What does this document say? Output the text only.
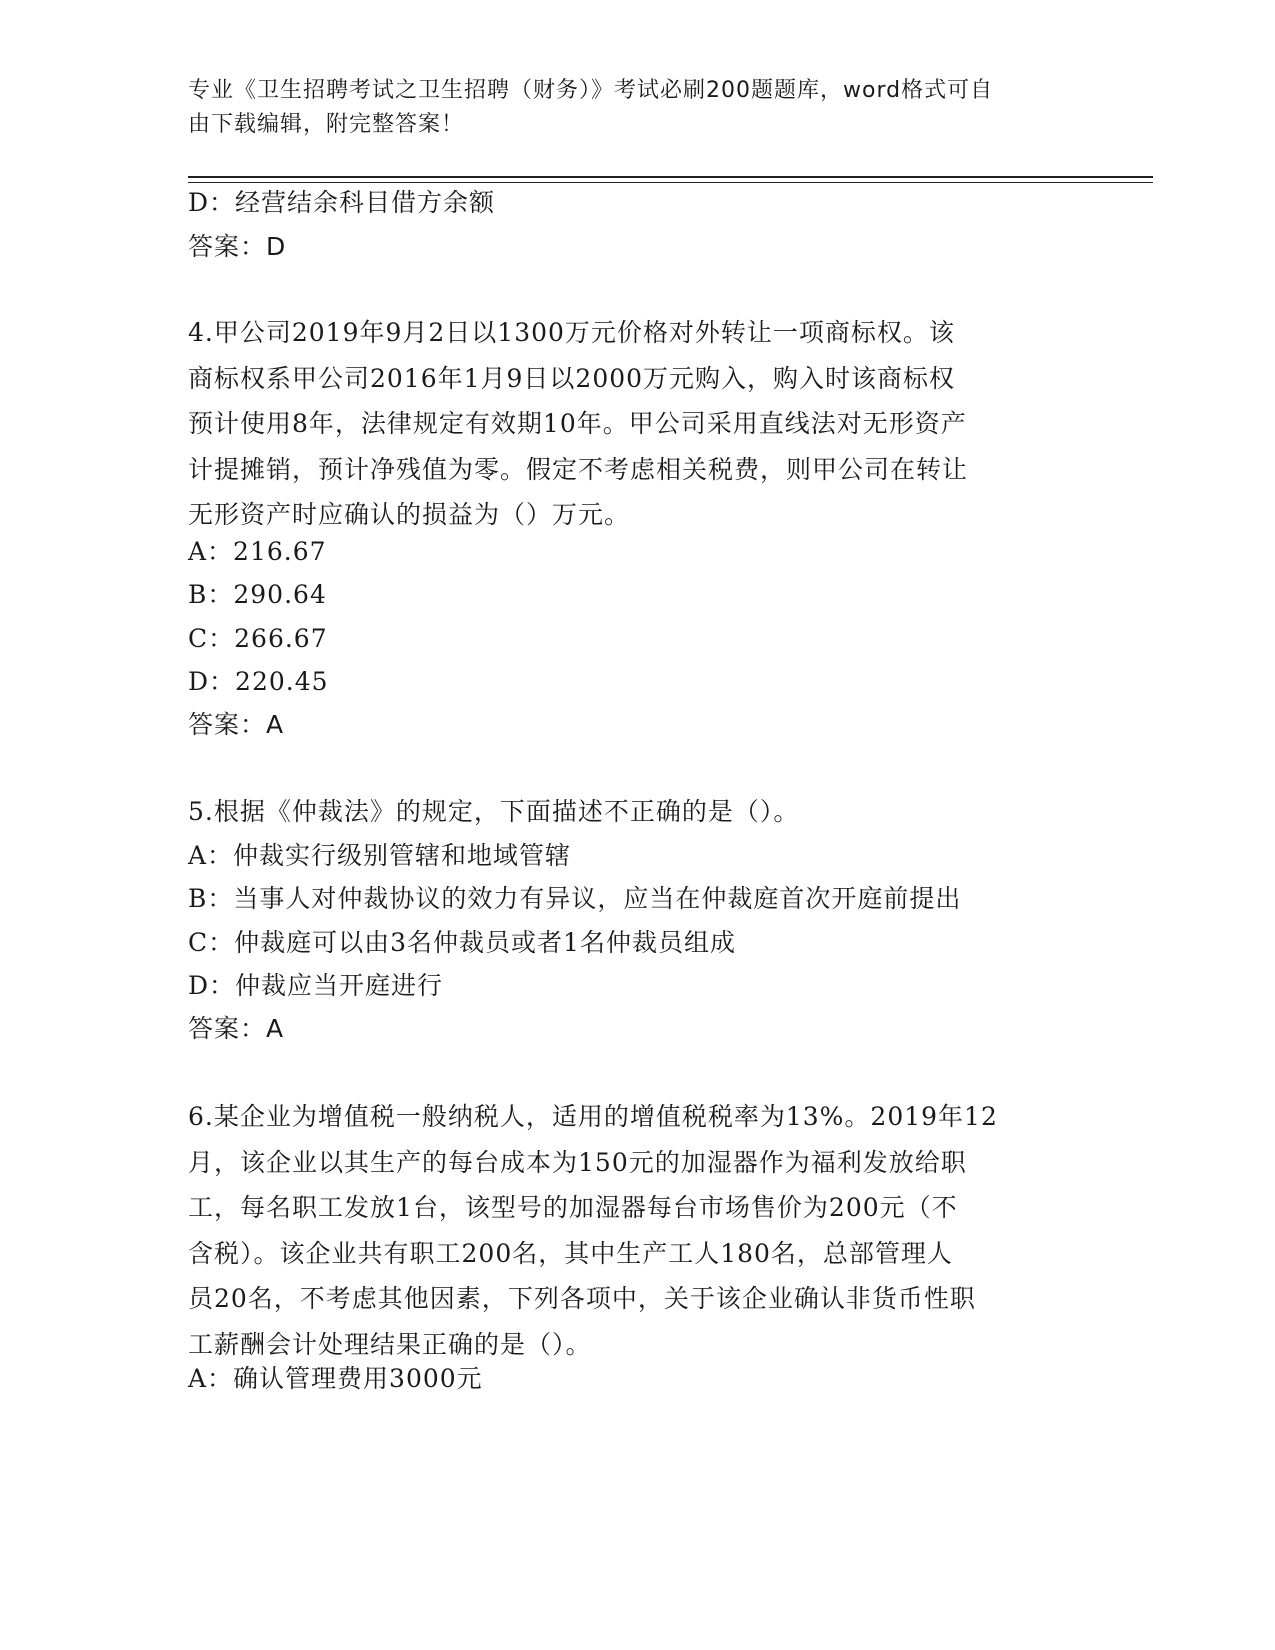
专业《卫生招聘考试之卫生招聘（财务）》考试必刷200题题库，word格式可自
由下载编辑，附完整答案！
D：经营结余科目借方余额
答案：D
4.甲公司2019年9月2日以1300万元价格对外转让一项商标权。该
商标权系甲公司2016年1月9日以2000万元购入，购入时该商标权
预计使用8年，法律规定有效期10年。甲公司采用直线法对无形资产
计提摊销，预计净残值为零。假定不考虑相关税费，则甲公司在转让
无形资产时应确认的损益为（）万元。
A：216.67
B：290.64
C：266.67
D：220.45
答案：A
5.根据《仲裁法》的规定，下面描述不正确的是（）。
A：仲裁实行级别管辖和地域管辖
B：当事人对仲裁协议的效力有异议，应当在仲裁庭首次开庭前提出
C：仲裁庭可以由3名仲裁员或者1名仲裁员组成
D：仲裁应当开庭进行
答案：A
6.某企业为增值税一般纳税人，适用的增值税税率为13%。2019年12
月，该企业以其生产的每台成本为150元的加湿器作为福利发放给职
工，每名职工发放1台，该型号的加湿器每台市场售价为200元（不
含税）。该企业共有职工200名，其中生产工人180名，总部管理人
员20名，不考虑其他因素，下列各项中，关于该企业确认非货币性职
工薪酬会计处理结果正确的是（）。
A：确认管理费用3000元
